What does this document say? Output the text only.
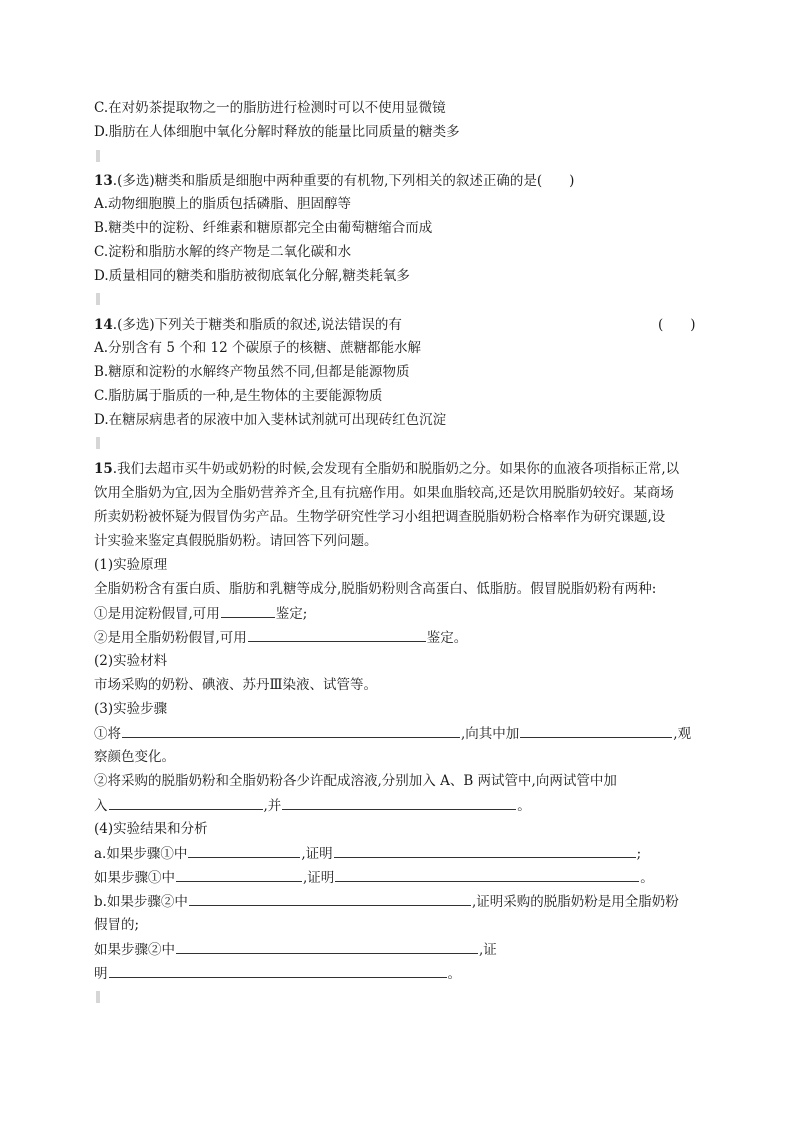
C.在对奶茶提取物之一的脂肪进行检测时可以不使用显微镜
D.脂肪在人体细胞中氧化分解时释放的能量比同质量的糖类多
13.(多选)糖类和脂质是细胞中两种重要的有机物,下列相关的叙述正确的是(　　)
A.动物细胞膜上的脂质包括磷脂、胆固醇等
B.糖类中的淀粉、纤维素和糖原都完全由葡萄糖缩合而成
C.淀粉和脂肪水解的终产物是二氧化碳和水
D.质量相同的糖类和脂肪被彻底氧化分解,糖类耗氧多
14.(多选)下列关于糖类和脂质的叙述,说法错误的有	(　　)
A.分别含有 5 个和 12 个碳原子的核糖、蔗糖都能水解
B.糖原和淀粉的水解终产物虽然不同,但都是能源物质
C.脂肪属于脂质的一种,是生物体的主要能源物质
D.在糖尿病患者的尿液中加入斐林试剂就可出现砖红色沉淀
15.我们去超市买牛奶或奶粉的时候,会发现有全脂奶和脱脂奶之分。如果你的血液各项指标正常,以
饮用全脂奶为宜,因为全脂奶营养齐全,且有抗癌作用。如果血脂较高,还是饮用脱脂奶较好。某商场
所卖奶粉被怀疑为假冒伪劣产品。生物学研究性学习小组把调查脱脂奶粉合格率作为研究课题,设
计实验来鉴定真假脱脂奶粉。请回答下列问题。
(1)实验原理
全脂奶粉含有蛋白质、脂肪和乳糖等成分,脱脂奶粉则含高蛋白、低脂肪。假冒脱脂奶粉有两种:
①是用淀粉假冒,可用	鉴定;
②是用全脂奶粉假冒,可用	鉴定。
(2)实验材料
市场采购的奶粉、碘液、苏丹Ⅲ染液、试管等。
(3)实验步骤
①将	,向其中加	,观
察颜色变化。
②将采购的脱脂奶粉和全脂奶粉各少许配成溶液,分别加入 A、B 两试管中,向两试管中加
入	,并	。
(4)实验结果和分析
a.如果步骤①中	,证明	;
如果步骤①中	,证明	。
b.如果步骤②中	,证明采购的脱脂奶粉是用全脂奶粉
假冒的;
如果步骤②中	,证
明	。
